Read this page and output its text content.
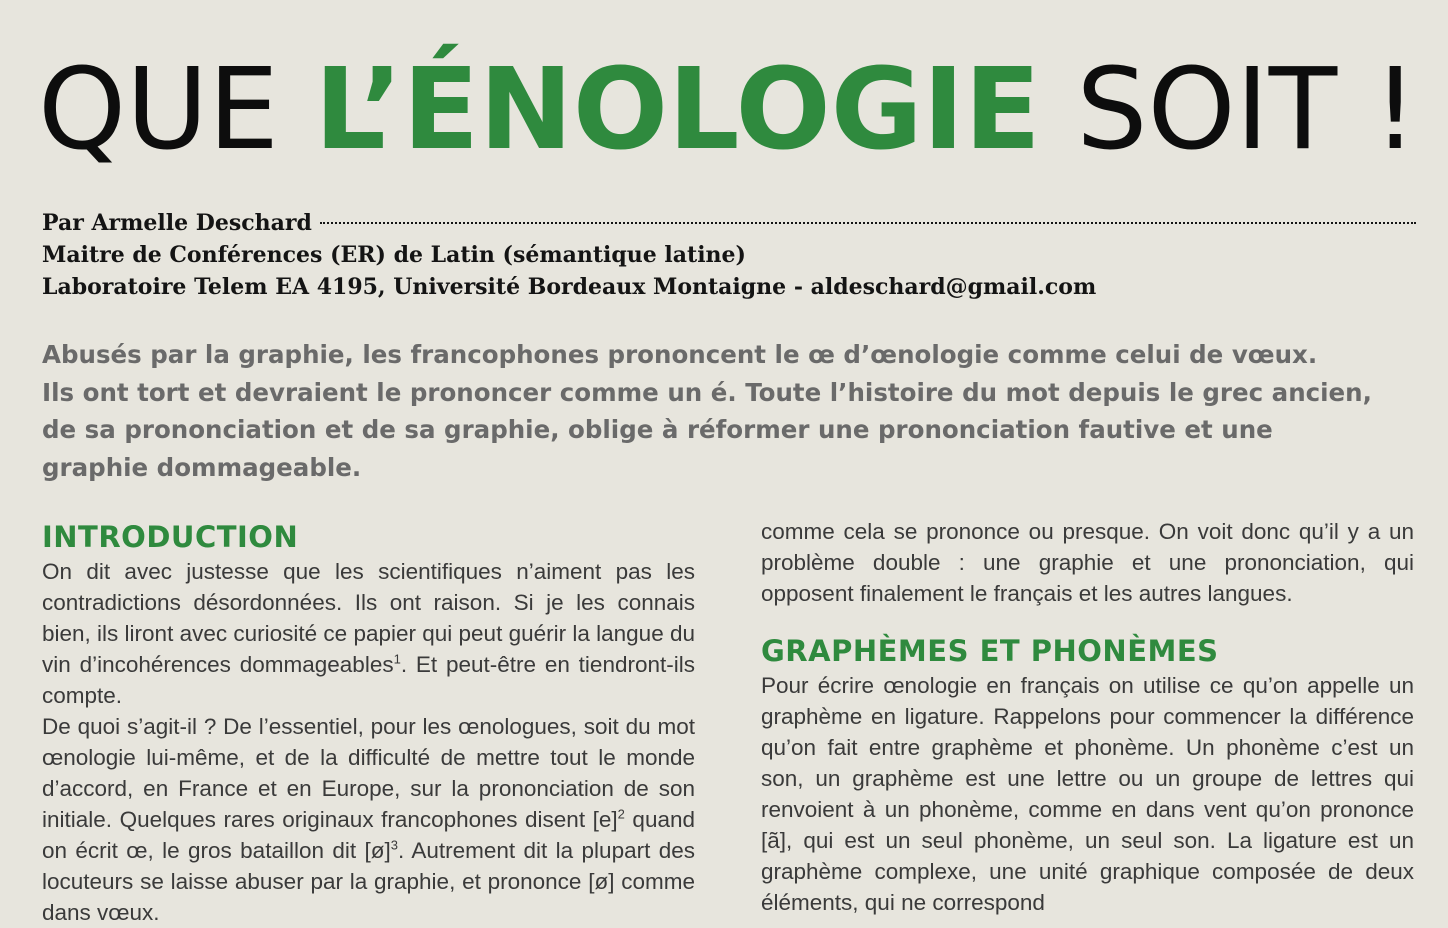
QUE L’ÉNOLOGIE SOIT !
Par Armelle Deschard
Maitre de Conférences (ER) de Latin (sémantique latine)
Laboratoire Telem EA 4195, Université Bordeaux Montaigne - aldeschard@gmail.com

Abusés par la graphie, les francophones prononcent le œ d’œnologie comme celui de vœux.

Ils ont tort et devraient le prononcer comme un é. Toute l’histoire du mot depuis le grec ancien, de sa prononciation et de sa graphie, oblige à réformer une prononciation fautive et une graphie dommageable.

INTRODUCTION

On dit avec justesse que les scientifiques n’aiment pas les contradictions désordonnées. Ils ont raison. Si je les connais bien, ils liront avec curiosité ce papier qui peut guérir la langue du vin d’incohérences dommageables$^1$. Et peut-être en tiendront-ils compte.

De quoi s’agit-il ? De l’essentiel, pour les œnologues, soit du mot œnologie lui-même, et de la difficulté de mettre tout le monde d’accord, en France et en Europe, sur la prononciation de son initiale. Quelques rares originaux francophones disent $[e]^2$ quand on écrit œ, le gros bataillon dit [ø]$^3$. Autrement dit la plupart des locuteurs se laisse abuser par la graphie, et prononce [ø] comme dans vœux.

comme cela se prononce ou presque. On voit donc qu’il y a un problème double : une graphie et une prononciation, qui opposent finalement le français et les autres langues.

GRAPHÈMES ET PHONÈMES

Pour écrire œnologie en français on utilise ce qu’on appelle un graphème en ligature. Rappelons pour commencer la différence qu’on fait entre graphème et phonème. Un phonème c’est un son, un graphème est une lettre ou un groupe de lettres qui renvoient à un phonème, comme en dans vent qu’on prononce [ã], qui est un seul phonème, un seul son. La ligature est un graphème complexe, une unité graphique composée de deux éléments, qui ne correspond
